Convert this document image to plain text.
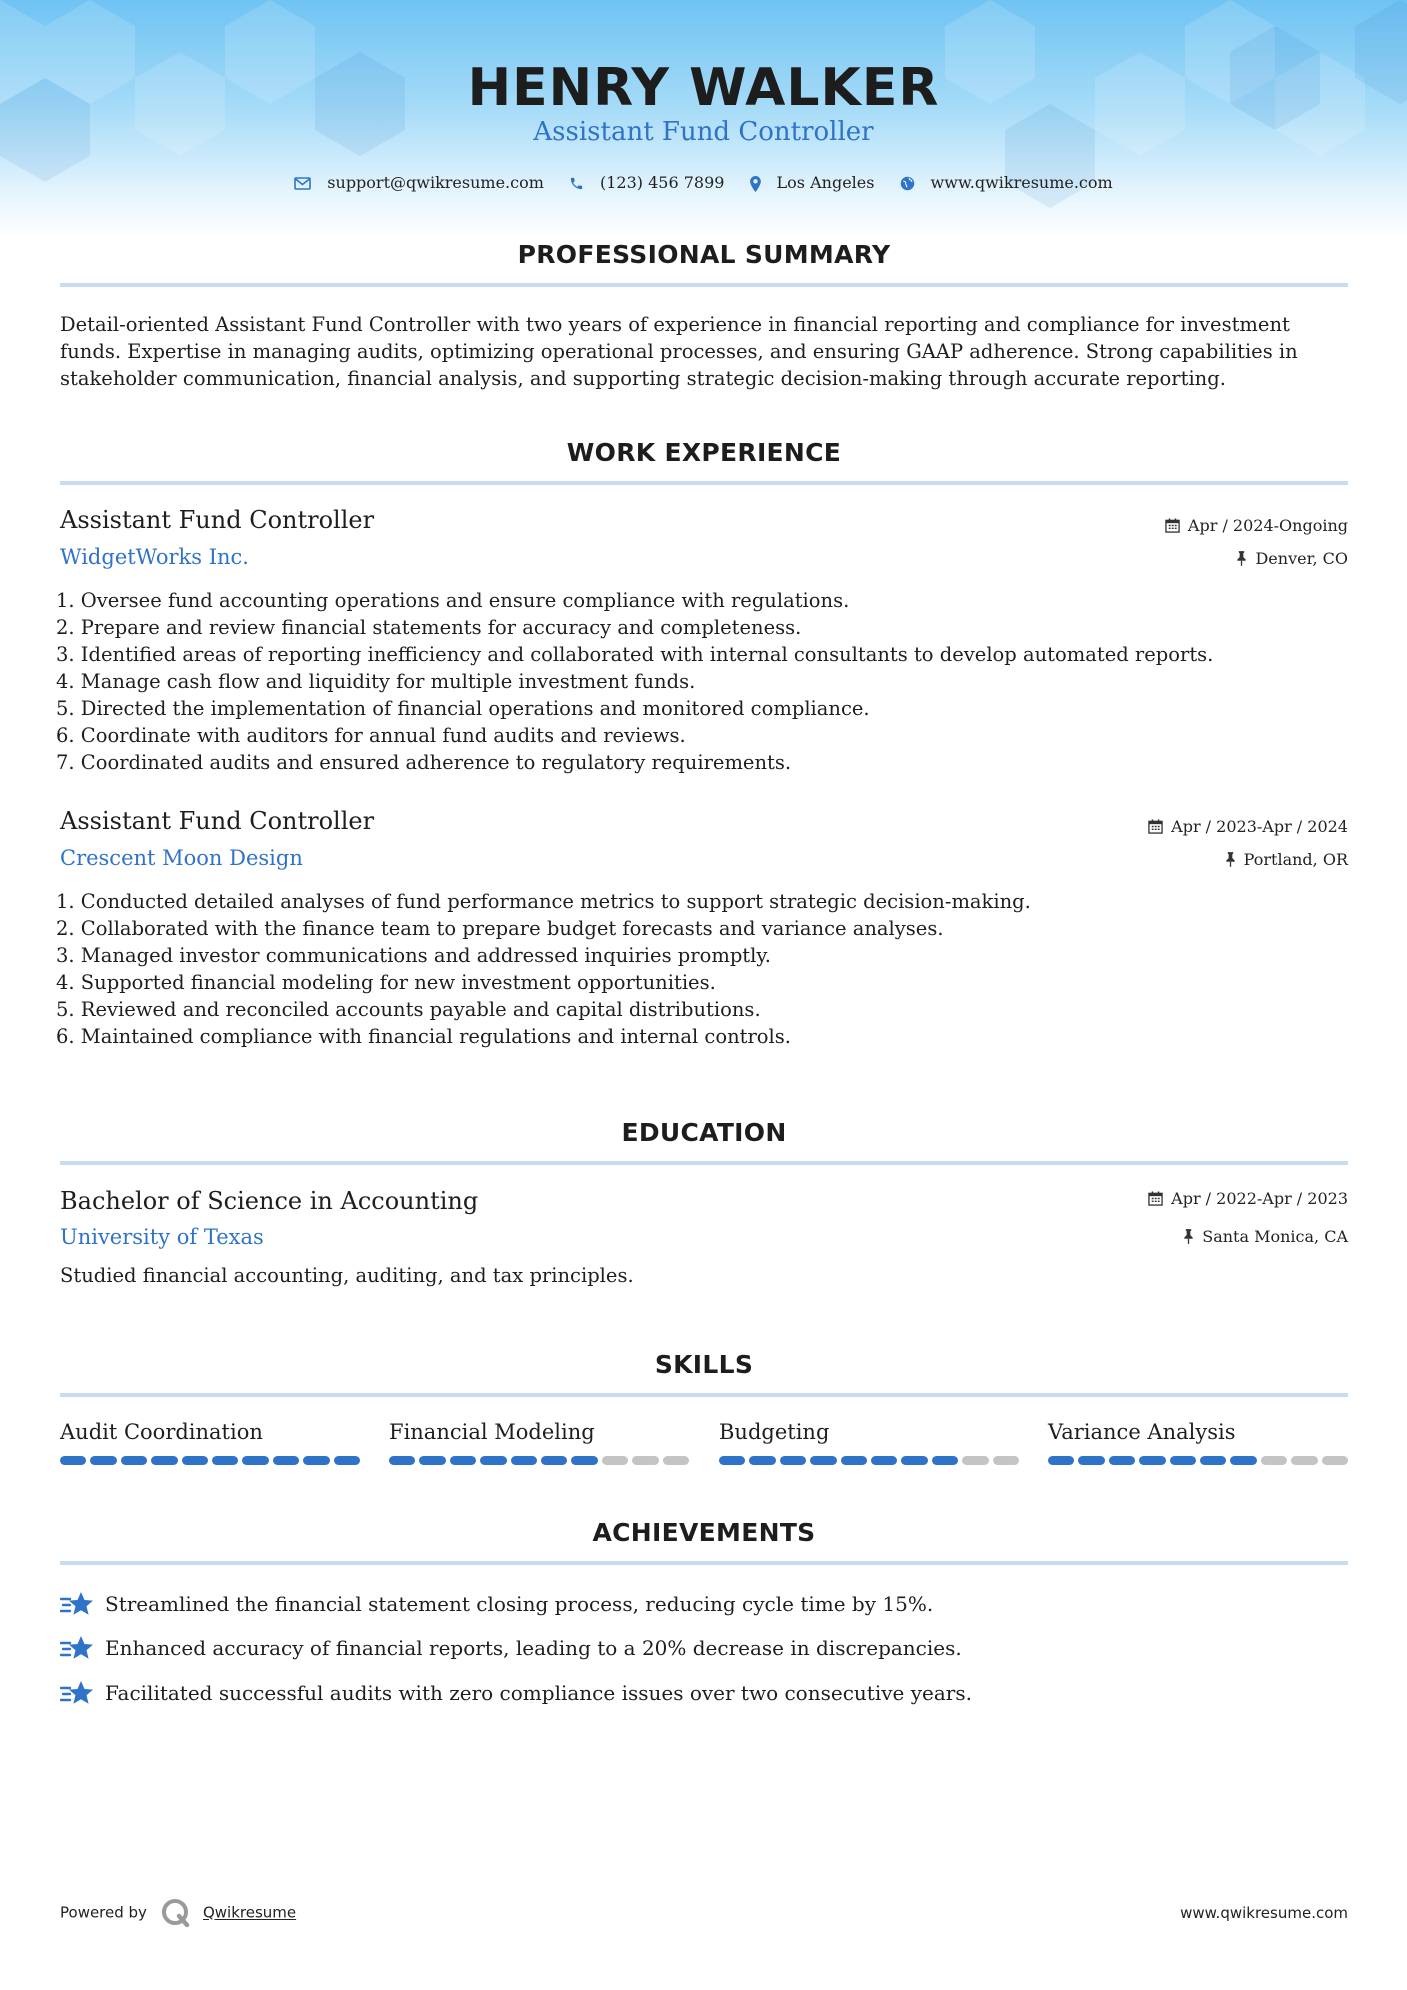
HENRY WALKER
Assistant Fund Controller
support@qwikresume.com	(123) 456 7899	Los Angeles	www.qwikresume.com
PROFESSIONAL SUMMARY
Detail-oriented Assistant Fund Controller with two years of experience in financial reporting and compliance for investment funds. Expertise in managing audits, optimizing operational processes, and ensuring GAAP adherence. Strong capabilities in stakeholder communication, financial analysis, and supporting strategic decision-making through accurate reporting.
WORK EXPERIENCE
Assistant Fund Controller
WidgetWorks Inc.
Apr / 2024-Ongoing
Denver, CO
1. Oversee fund accounting operations and ensure compliance with regulations.
2. Prepare and review financial statements for accuracy and completeness.
3. Identified areas of reporting inefficiency and collaborated with internal consultants to develop automated reports.
4. Manage cash flow and liquidity for multiple investment funds.
5. Directed the implementation of financial operations and monitored compliance.
6. Coordinate with auditors for annual fund audits and reviews.
7. Coordinated audits and ensured adherence to regulatory requirements.
Assistant Fund Controller
Crescent Moon Design
Apr / 2023-Apr / 2024
Portland, OR
1. Conducted detailed analyses of fund performance metrics to support strategic decision-making.
2. Collaborated with the finance team to prepare budget forecasts and variance analyses.
3. Managed investor communications and addressed inquiries promptly.
4. Supported financial modeling for new investment opportunities.
5. Reviewed and reconciled accounts payable and capital distributions.
6. Maintained compliance with financial regulations and internal controls.
EDUCATION
Bachelor of Science in Accounting
University of Texas
Apr / 2022-Apr / 2023
Santa Monica, CA
Studied financial accounting, auditing, and tax principles.
SKILLS
Audit Coordination	Financial Modeling	Budgeting	Variance Analysis
ACHIEVEMENTS
Streamlined the financial statement closing process, reducing cycle time by 15%.
Enhanced accuracy of financial reports, leading to a 20% decrease in discrepancies.
Facilitated successful audits with zero compliance issues over two consecutive years.
Powered by	Qwikresume	www.qwikresume.com
